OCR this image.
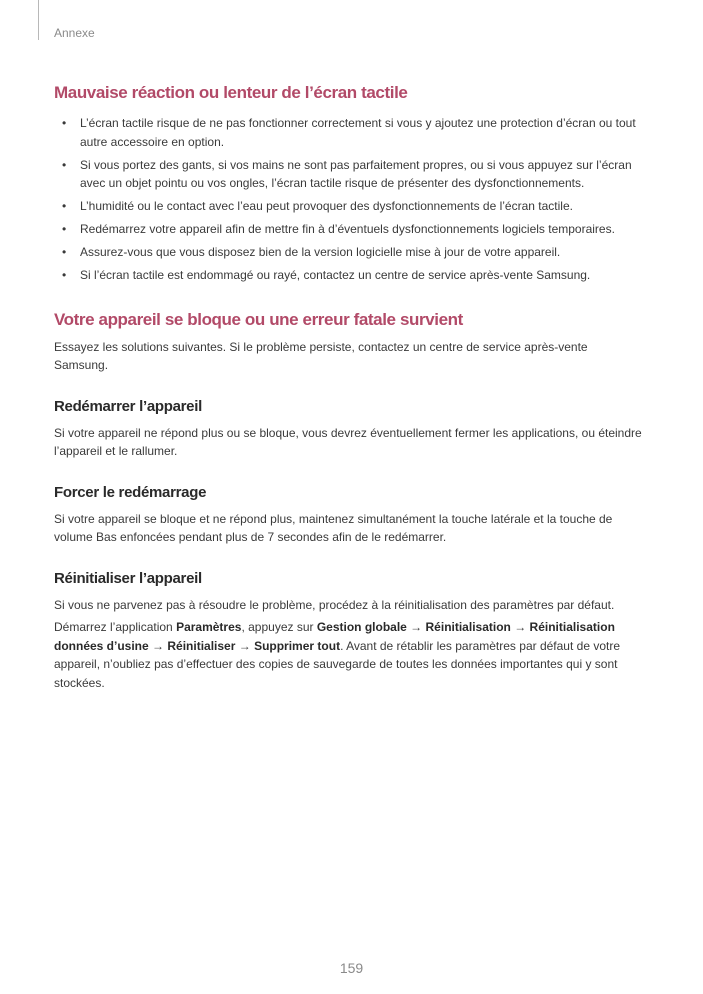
Annexe
Mauvaise réaction ou lenteur de l’écran tactile
• L’écran tactile risque de ne pas fonctionner correctement si vous y ajoutez une protection d’écran ou tout autre accessoire en option.
• Si vous portez des gants, si vos mains ne sont pas parfaitement propres, ou si vous appuyez sur l’écran avec un objet pointu ou vos ongles, l’écran tactile risque de présenter des dysfonctionnements.
• L’humidité ou le contact avec l’eau peut provoquer des dysfonctionnements de l’écran tactile.
• Redémarrez votre appareil afin de mettre fin à d’éventuels dysfonctionnements logiciels temporaires.
• Assurez-vous que vous disposez bien de la version logicielle mise à jour de votre appareil.
• Si l’écran tactile est endommagé ou rayé, contactez un centre de service après-vente Samsung.
Votre appareil se bloque ou une erreur fatale survient

Essayez les solutions suivantes. Si le problème persiste, contactez un centre de service après-vente Samsung.

Redémarrer l’appareil

Si votre appareil ne répond plus ou se bloque, vous devrez éventuellement fermer les applications, ou éteindre l’appareil et le rallumer.

Forcer le redémarrage

Si votre appareil se bloque et ne répond plus, maintenez simultanément la touche latérale et la touche de volume Bas enfoncées pendant plus de 7 secondes afin de le redémarrer.

Réinitialiser l’appareil

Si vous ne parvenez pas à résoudre le problème, procédez à la réinitialisation des paramètres par défaut.

Démarrez l’application Paramètres, appuyez sur Gestion globale → Réinitialisation → Réinitialisation données d’usine → Réinitialiser → Supprimer tout. Avant de rétablir les paramètres par défaut de votre appareil, n’oubliez pas d’effectuer des copies de sauvegarde de toutes les données importantes qui y sont stockées.

159
